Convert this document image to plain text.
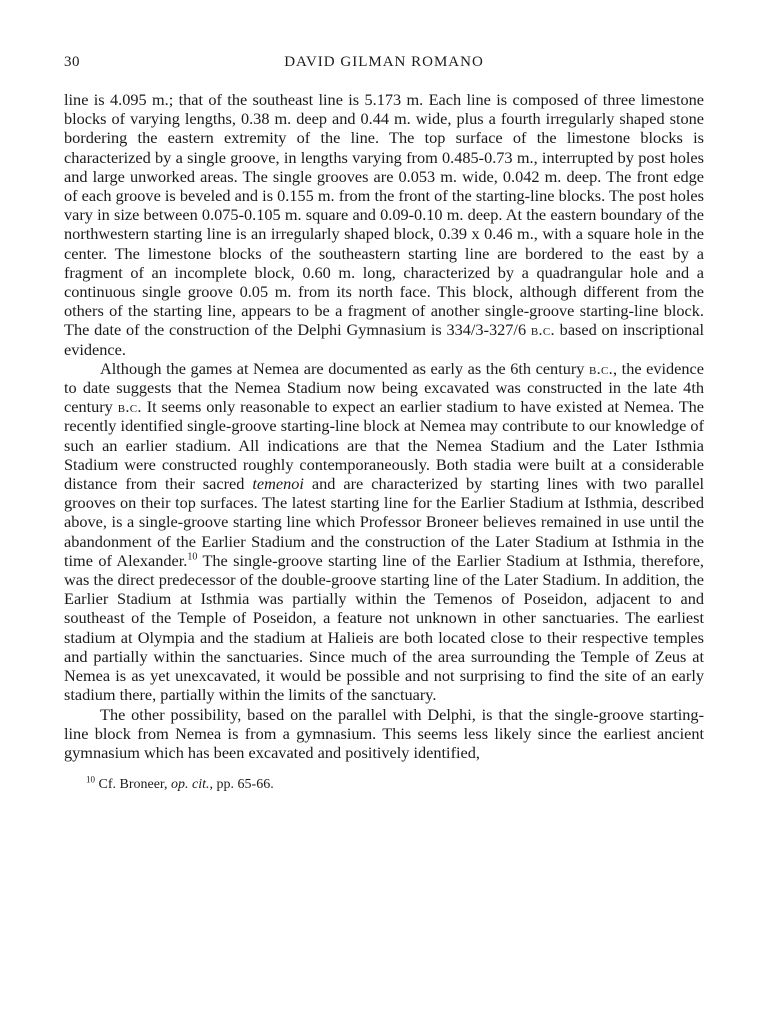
30	DAVID GILMAN ROMANO

line is 4.095 m.; that of the southeast line is 5.173 m. Each line is composed of three limestone blocks of varying lengths, 0.38 m. deep and 0.44 m. wide, plus a fourth irregularly shaped stone bordering the eastern extremity of the line. The top surface of the limestone blocks is characterized by a single groove, in lengths varying from 0.485-0.73 m., interrupted by post holes and large unworked areas. The single grooves are 0.053 m. wide, 0.042 m. deep. The front edge of each groove is beveled and is 0.155 m. from the front of the starting-line blocks. The post holes vary in size between 0.075-0.105 m. square and 0.09-0.10 m. deep. At the eastern boundary of the northwestern starting line is an irregularly shaped block, 0.39 x 0.46 m., with a square hole in the center. The limestone blocks of the southeastern starting line are bordered to the east by a fragment of an incomplete block, 0.60 m. long, characterized by a quadrangular hole and a continuous single groove 0.05 m. from its north face. This block, although different from the others of the starting line, appears to be a fragment of another single-groove starting-line block. The date of the construction of the Delphi Gymnasium is 334/3-327/6 b.c. based on inscriptional evidence.

Although the games at Nemea are documented as early as the 6th century b.c., the evidence to date suggests that the Nemea Stadium now being excavated was constructed in the late 4th century b.c. It seems only reasonable to expect an earlier stadium to have existed at Nemea. The recently identified single-groove starting-line block at Nemea may contribute to our knowledge of such an earlier stadium. All indications are that the Nemea Stadium and the Later Isthmia Stadium were constructed roughly contemporaneously. Both stadia were built at a considerable distance from their sacred temenoi and are characterized by starting lines with two parallel grooves on their top surfaces. The latest starting line for the Earlier Stadium at Isthmia, described above, is a single-groove starting line which Professor Broneer believes remained in use until the abandonment of the Earlier Stadium and the construction of the Later Stadium at Isthmia in the time of Alexander.$^{10}$ The single-groove starting line of the Earlier Stadium at Isthmia, therefore, was the direct predecessor of the double-groove starting line of the Later Stadium. In addition, the Earlier Stadium at Isthmia was partially within the Temenos of Poseidon, adjacent to and southeast of the Temple of Poseidon, a feature not unknown in other sanctuaries. The earliest stadium at Olympia and the stadium at Halieis are both located close to their respective temples and partially within the sanctuaries. Since much of the area surrounding the Temple of Zeus at Nemea is as yet unexcavated, it would be possible and not surprising to find the site of an early stadium there, partially within the limits of the sanctuary.

The other possibility, based on the parallel with Delphi, is that the single-groove starting-line block from Nemea is from a gymnasium. This seems less likely since the earliest ancient gymnasium which has been excavated and positively identified,

$^{10}$ Cf. Broneer, op. cit., pp. 65-66.
